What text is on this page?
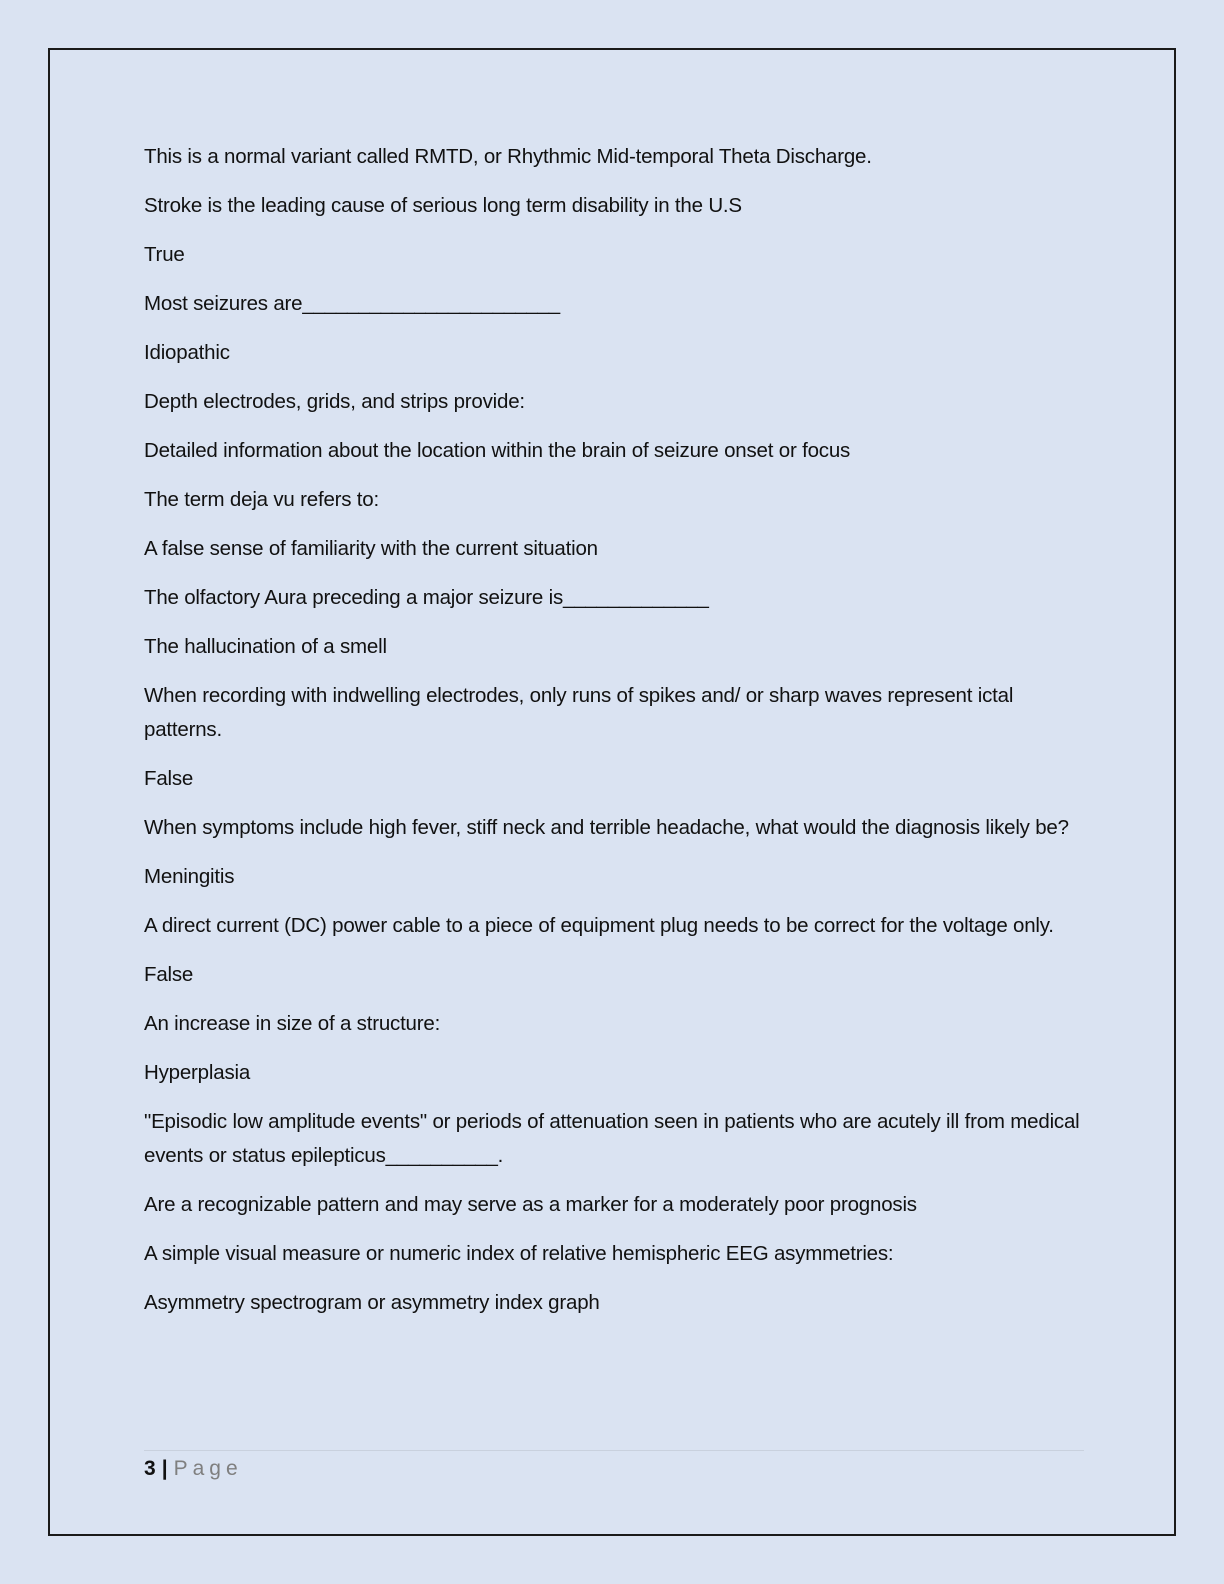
This is a normal variant called RMTD, or Rhythmic Mid-temporal Theta Discharge.

Stroke is the leading cause of serious long term disability in the U.S

True

Most seizures are_______________________

Idiopathic

Depth electrodes, grids, and strips provide:

Detailed information about the location within the brain of seizure onset or focus

The term deja vu refers to:

A false sense of familiarity with the current situation

The olfactory Aura preceding a major seizure is_____________

The hallucination of a smell

When recording with indwelling electrodes, only runs of spikes and/ or sharp waves represent ictal patterns.

False

When symptoms include high fever, stiff neck and terrible headache, what would the diagnosis likely be?

Meningitis

A direct current (DC) power cable to a piece of equipment plug needs to be correct for the voltage only.

False

An increase in size of a structure:

Hyperplasia

"Episodic low amplitude events" or periods of attenuation seen in patients who are acutely ill from medical events or status epilepticus__________.

Are a recognizable pattern and may serve as a marker for a moderately poor prognosis

A simple visual measure or numeric index of relative hemispheric EEG asymmetries:

Asymmetry spectrogram or asymmetry index graph

3 | Page
